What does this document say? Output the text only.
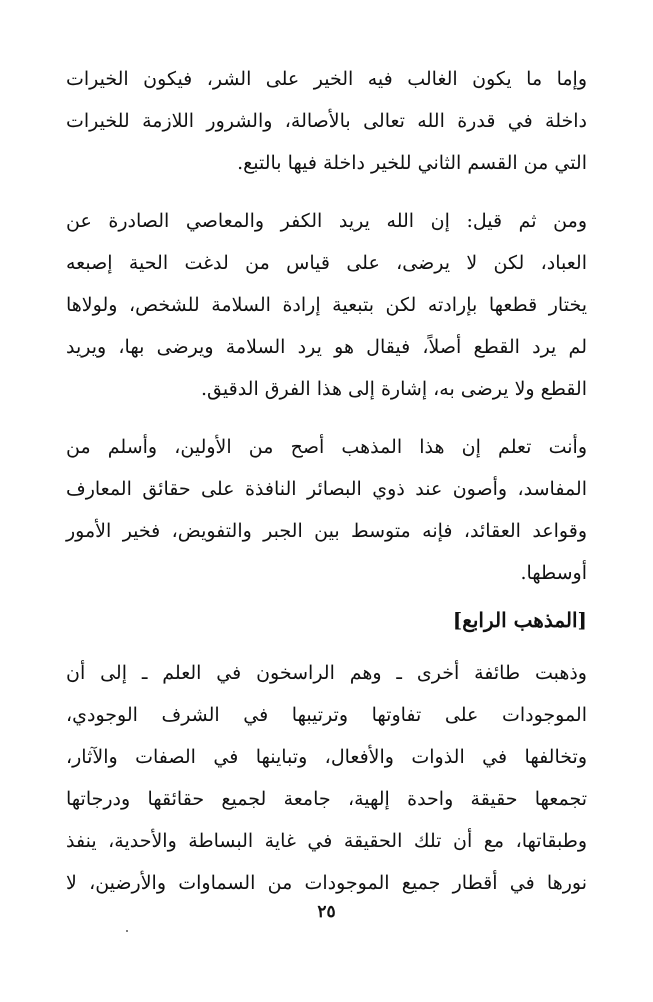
وإما ما يكون الغالب فيه الخير على الشر، فيكون الخيرات
داخلة في قدرة الله تعالى بالأصالة، والشرور اللازمة للخيرات
التي من القسم الثاني للخير داخلة فيها بالتبع.
ومن ثم قيل: إن الله يريد الكفر والمعاصي الصادرة عن
العباد، لكن لا يرضى، على قياس من لدغت الحية إصبعه
يختار قطعها بإرادته لكن بتبعية إرادة السلامة للشخص، ولولاها
لم يرد القطع أصلاً، فيقال هو يرد السلامة ويرضى بها، ويريد
القطع ولا يرضى به، إشارة إلى هذا الفرق الدقيق.
وأنت تعلم إن هذا المذهب أصح من الأولين، وأسلم من
المفاسد، وأصون عند ذوي البصائر النافذة على حقائق المعارف
وقواعد العقائد، فإنه متوسط بين الجبر والتفويض، فخير الأمور
أوسطها.
[المذهب الرابع]
وذهبت طائفة أخرى ـ وهم الراسخون في العلم ـ إلى أن
الموجودات على تفاوتها وترتيبها في الشرف الوجودي،
وتخالفها في الذوات والأفعال، وتباينها في الصفات والآثار،
تجمعها حقيقة واحدة إلهية، جامعة لجميع حقائقها ودرجاتها
وطبقاتها، مع أن تلك الحقيقة في غاية البساطة والأحدية، ينفذ
نورها في أقطار جميع الموجودات من السماوات والأرضين، لا
٢٥
